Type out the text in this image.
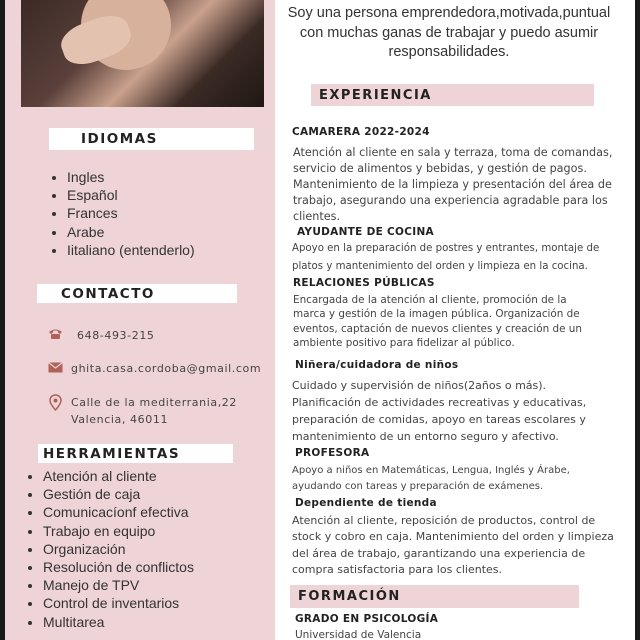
IDIOMAS
• Ingles
• Español
• Frances
• Arabe
• Iitaliano (entenderlo)
CONTACTO
648-493-215
ghita.casa.cordoba@gmail.com
Calle de la mediterrania,22
Valencia, 46011
HERRAMIENTAS
• Atención al cliente
• Gestión de caja
• Comunicacíonf efectiva
• Trabajo en equipo
• Organización
• Resolución de conflictos
• Manejo de TPV
• Control de inventarios
• Multitarea
Soy una persona emprendedora,motivada,puntual con muchas ganas de trabajar y puedo asumir responsabilidades.
EXPERIENCIA
CAMARERA 2022-2024
Atención al cliente en sala y terraza, toma de comandas, servicio de alimentos y bebidas, y gestión de pagos. Mantenimiento de la limpieza y presentación del área de trabajo, asegurando una experiencia agradable para los clientes.
AYUDANTE DE COCINA
Apoyo en la preparación de postres y entrantes, montaje de platos y mantenimiento del orden y limpieza en la cocina.
RELACIONES PÚBLICAS
Encargada de la atención al cliente, promoción de la marca y gestión de la imagen pública. Organización de eventos, captación de nuevos clientes y creación de un ambiente positivo para fidelizar al público.
Niñera/cuidadora de niños
Cuidado y supervisión de niños(2años o más). Planificación de actividades recreativas y educativas, preparación de comidas, apoyo en tareas escolares y mantenimiento de un entorno seguro y afectivo.
PROFESORA
Apoyo a niños en Matemáticas, Lengua, Inglés y Árabe, ayudando con tareas y preparación de exámenes.
Dependiente de tienda
Atención al cliente, reposición de productos, control de stock y cobro en caja. Mantenimiento del orden y limpieza del área de trabajo, garantizando una experiencia de compra satisfactoria para los clientes.
FORMACIÓN
GRADO EN PSICOLOGÍA
Universidad de Valencia
